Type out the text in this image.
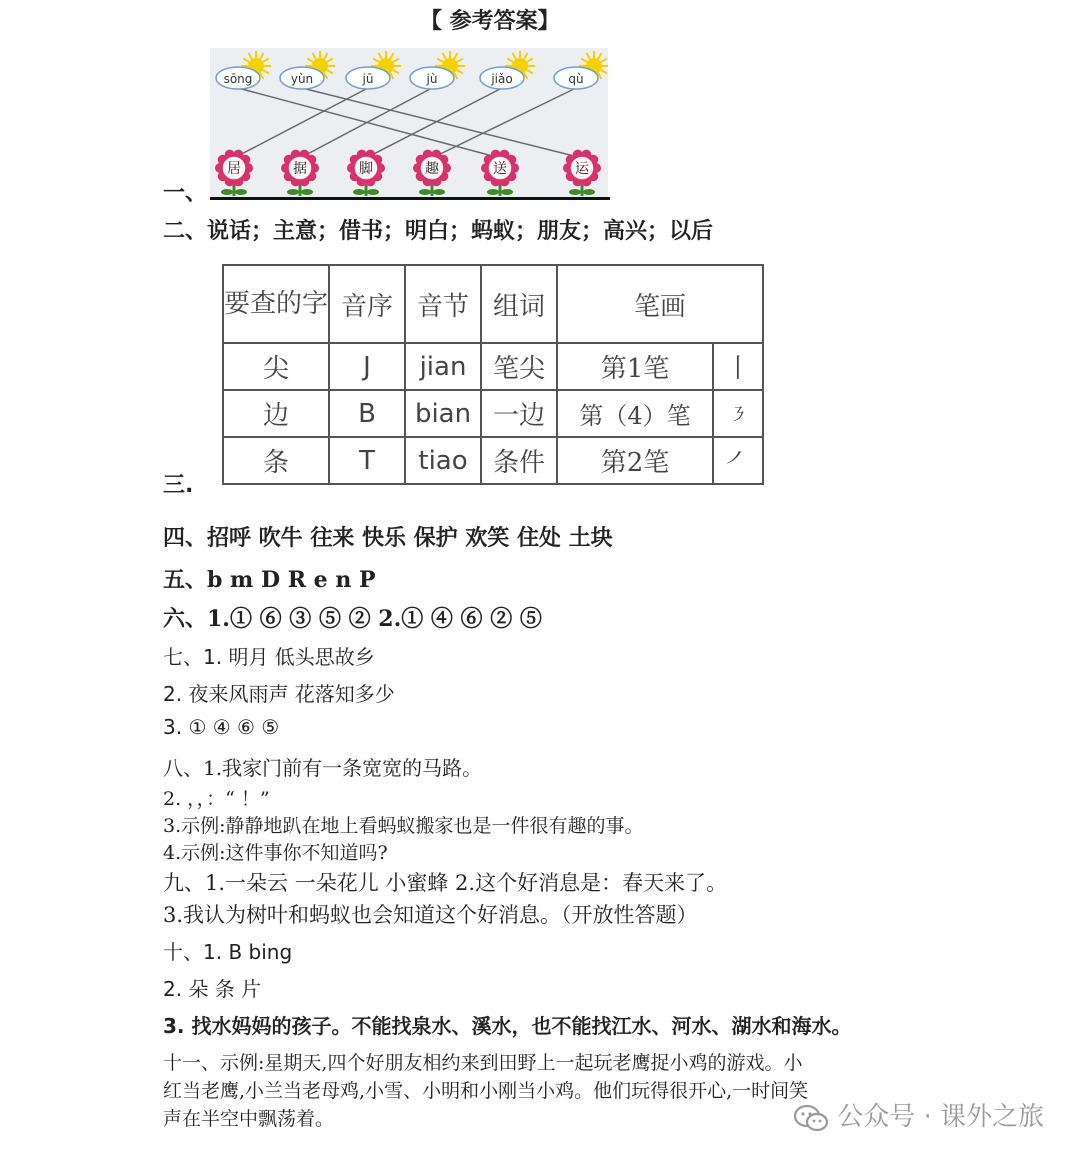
【 参考答案】
一、
sōng	yùn	jū	jù	jiǎo	qù
居	据	脚	趣	送	运
二、说话；主意；借书；明白；蚂蚁；朋友；高兴；以后
三.
要查的字	音序	音节	组词	笔画	
尖	J	jian	笔尖	第1笔	丨
边	B	bian	一边	第（4）笔	㇋
条	T	tiao	条件	第2笔	㇒
四、招呼 吹牛 往来 快乐 保护 欢笑 住处 土块
五、b m D R e n P
六、1.① ⑥ ③ ⑤ ② 2.① ④ ⑥ ② ⑤
七、1. 明月 低头思故乡
2. 夜来风雨声 花落知多少
3. ① ④ ⑥ ⑤
八、1.我家门前有一条宽宽的马路。
2. ，，：“ ！”
3.示例:静静地趴在地上看蚂蚁搬家也是一件很有趣的事。
4.示例:这件事你不知道吗?
九、1.一朵云 一朵花儿 小蜜蜂 2.这个好消息是：春天来了。
3.我认为树叶和蚂蚁也会知道这个好消息。（开放性答题）
十、1. B bing
2. 朵 条 片
3. 找水妈妈的孩子。不能找泉水、溪水，也不能找江水、河水、湖水和海水。
十一、示例:星期天,四个好朋友相约来到田野上一起玩老鹰捉小鸡的游戏。小
红当老鹰,小兰当老母鸡,小雪、小明和小刚当小鸡。他们玩得很开心,一时间笑
声在半空中飘荡着。	公众号 · 课外之旅
